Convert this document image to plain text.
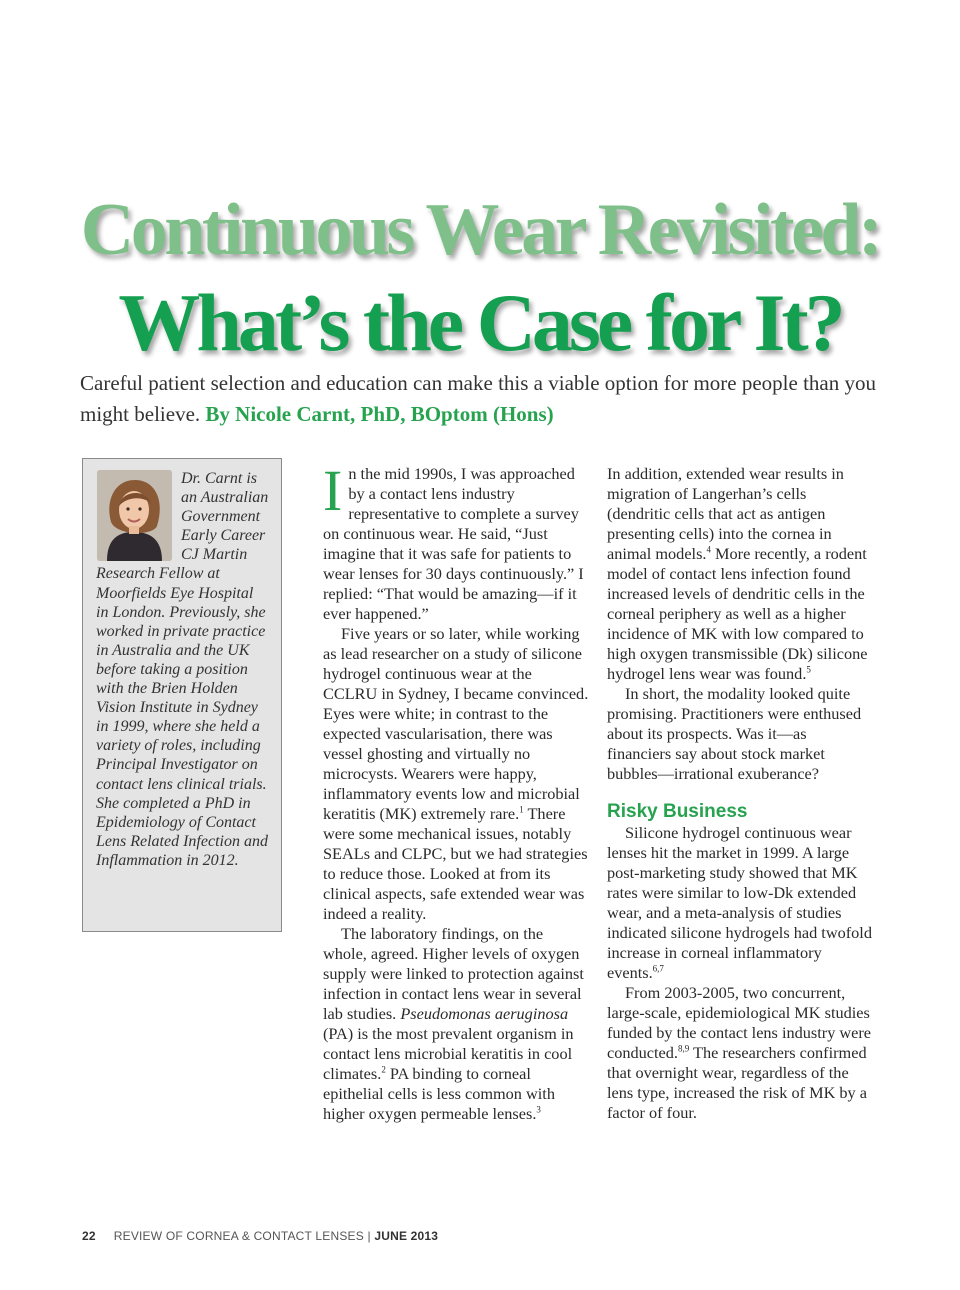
Continuous Wear Revisited:
What’s the Case for It?
Careful patient selection and education can make this a viable option for more people than you might believe. By Nicole Carnt, PhD, BOptom (Hons)
Dr. Carnt is an Australian Government Early Career CJ Martin Research Fellow at Moorfields Eye Hospital in London. Previously, she worked in private practice in Australia and the UK before taking a position with the Brien Holden Vision Institute in Sydney in 1999, where she held a variety of roles, including Principal Investigator on contact lens clinical trials. She completed a PhD in Epidemiology of Contact Lens Related Infection and Inflammation in 2012.

In the mid 1990s, I was approached by a contact lens industry representative to complete a survey on continuous wear. He said, “Just imagine that it was safe for patients to wear lenses for 30 days continuously.” I replied: “That would be amazing—if it ever happened.”

Five years or so later, while working as lead researcher on a study of silicone hydrogel continuous wear at the CCLRU in Sydney, I became convinced. Eyes were white; in contrast to the expected vascularisation, there was vessel ghosting and virtually no microcysts. Wearers were happy, inflammatory events low and microbial keratitis (MK) extremely rare.$^1$ There were some mechanical issues, notably SEALs and CLPC, but we had strategies to reduce those. Looked at from its clinical aspects, safe extended wear was indeed a reality.

The laboratory findings, on the whole, agreed. Higher levels of oxygen supply were linked to protection against infection in contact lens wear in several lab studies. Pseudomonas aeruginosa (PA) is the most prevalent organism in contact lens microbial keratitis in cool climates.$^2$ PA binding to corneal epithelial cells is less common with higher oxygen permeable lenses.$^3$

In addition, extended wear results in migration of Langerhan’s cells (dendritic cells that act as antigen presenting cells) into the cornea in animal models.$^4$ More recently, a rodent model of contact lens infection found increased levels of dendritic cells in the corneal periphery as well as a higher incidence of MK with low compared to high oxygen transmissible (Dk) silicone hydrogel lens wear was found.$^5$

In short, the modality looked quite promising. Practitioners were enthused about its prospects. Was it—as financiers say about stock market bubbles—irrational exuberance?

Risky Business

Silicone hydrogel continuous wear lenses hit the market in 1999. A large post-marketing study showed that MK rates were similar to low-Dk extended wear, and a meta-analysis of studies indicated silicone hydrogels had twofold increase in corneal inflammatory events.$^{6,7}$

From 2003-2005, two concurrent, large-scale, epidemiological MK studies funded by the contact lens industry were conducted.$^{8,9}$ The researchers confirmed that overnight wear, regardless of the lens type, increased the risk of MK by a factor of four.

22 REVIEW OF CORNEA & CONTACT LENSES | JUNE 2013
